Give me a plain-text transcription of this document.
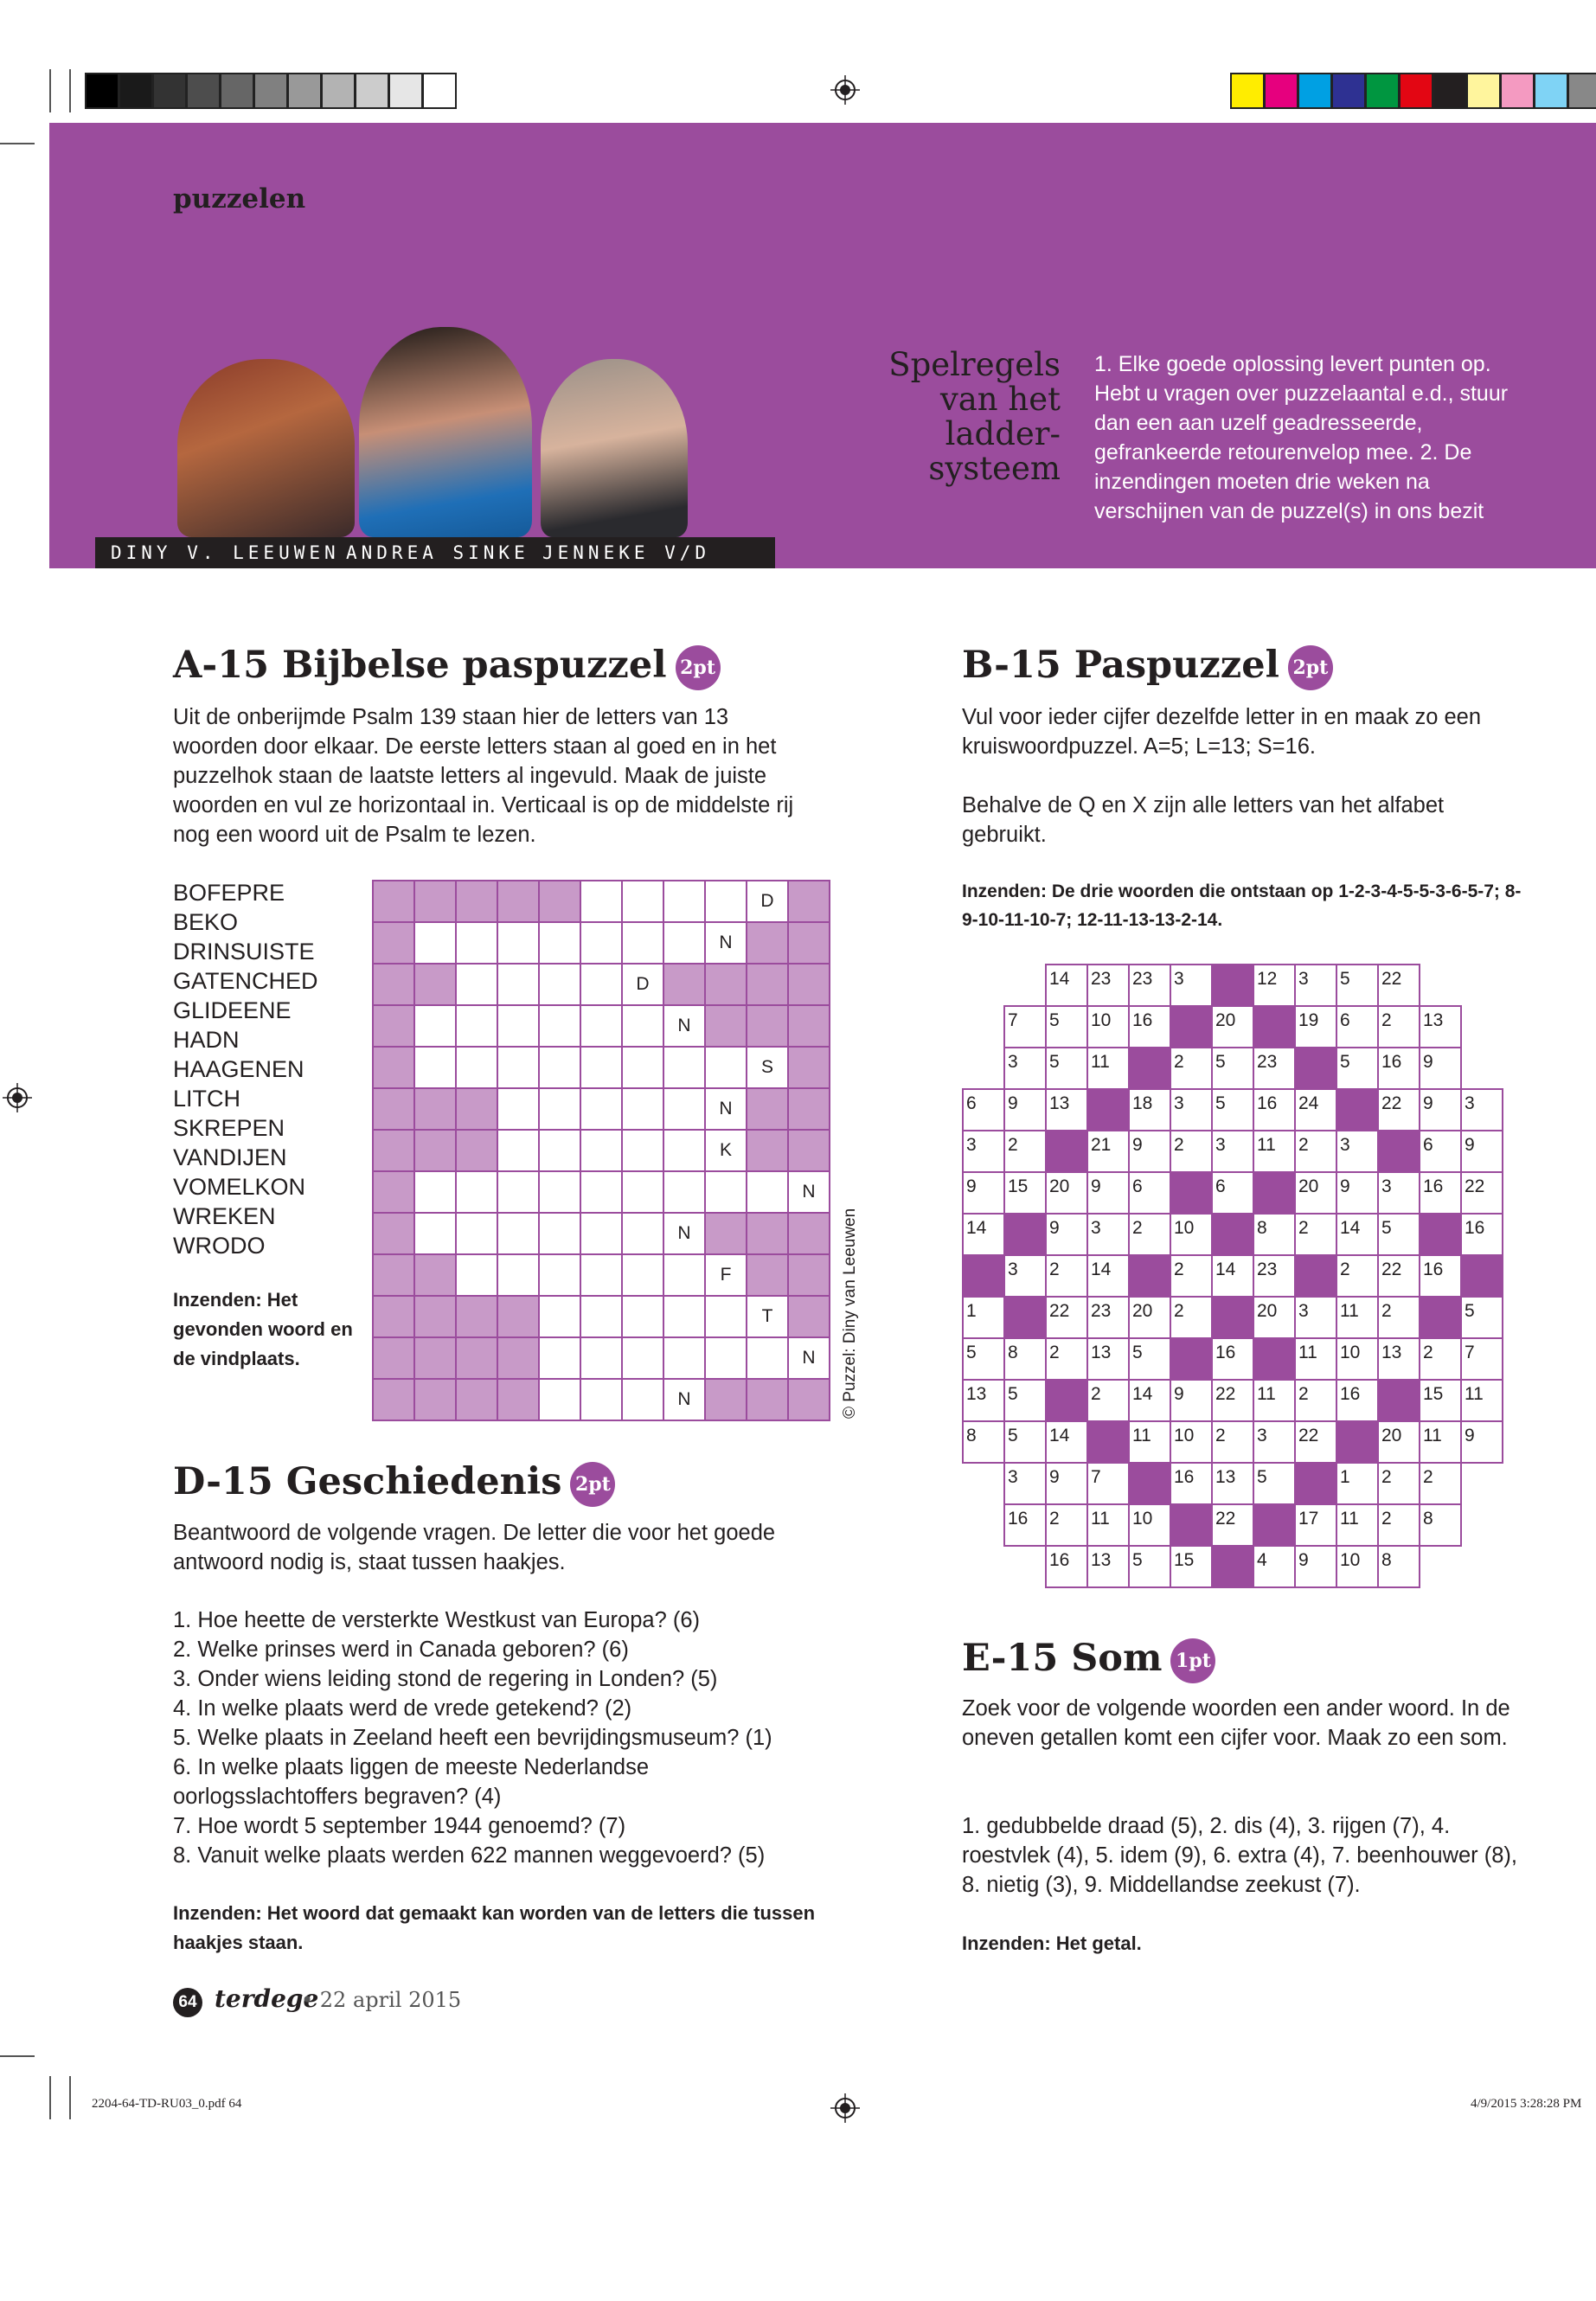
puzzelen
DINY V. LEEUWEN ANDREA SINKE JENNEKE V/D JAGT
Spelregels
van het
ladder-
systeem
1. Elke goede oplossing levert punten op. Hebt u vragen over puzzelaantal e.d., stuur dan een aan uzelf geadresseerde, gefrankeerde retourenvelop mee. 2. De inzendingen moeten drie weken na verschijnen van de puzzel(s) in ons bezit
A-15 Bijbelse paspuzzel 2pt
Uit de onberijmde Psalm 139 staan hier de letters van 13 woorden door elkaar. De eerste letters staan al goed en in het puzzelhok staan de laatste letters al ingevuld. Maak de juiste woorden en vul ze horizontaal in. Verticaal is op de middelste rij nog een woord uit de Psalm te lezen.
BOFEPRE
BEKO
DRINSUISTE
GATENCHED
GLIDEENE
HADN
HAAGENEN
LITCH
SKREPEN
VANDIJEN
VOMELKON
WREKEN
WRODO
Inzenden: Het gevonden woord en de vindplaats.
									D	
								N		
						D				
							N			
									S	
								N		
								K		
										N
							N			
								F		
									T	
										N
							N				© Puzzel: Diny van Leeuwen
B-15 Paspuzzel 2pt
Vul voor ieder cijfer dezelfde letter in en maak zo een kruiswoordpuzzel. A=5; L=13; S=16.
Behalve de Q en X zijn alle letters van het alfabet gebruikt.
Inzenden: De drie woorden die ontstaan op 1-2-3-4-5-5-3-6-5-7; 8-9-10-11-10-7; 12-11-13-13-2-14.
		14	23	23	3		12	3	5	22		
	7	5	10	16		20		19	6	2	13	
	3	5	11		2	5	23		5	16	9	
6	9	13		18	3	5	16	24		22	9	3
3	2		21	9	2	3	11	2	3		6	9
9	15	20	9	6		6		20	9	3	16	22
14		9	3	2	10		8	2	14	5		16
	3	2	14		2	14	23		2	22	16	
1		22	23	20	2		20	3	11	2		5
5	8	2	13	5		16		11	10	13	2	7
13	5		2	14	9	22	11	2	16		15	11
8	5	14		11	10	2	3	22		20	11	9
	3	9	7		16	13	5		1	2	2	
	16	2	11	10		22		17	11	2	8	
		16	13	5	15		4	9	10	8		
D-15 Geschiedenis 2pt
Beantwoord de volgende vragen. De letter die voor het goede antwoord nodig is, staat tussen haakjes.
1. Hoe heette de versterkte Westkust van Europa? (6)
2. Welke prinses werd in Canada geboren? (6)
3. Onder wiens leiding stond de regering in Londen? (5)
4. In welke plaats werd de vrede getekend? (2)
5. Welke plaats in Zeeland heeft een bevrijdingsmuseum? (1)
6. In welke plaats liggen de meeste Nederlandse oorlogsslachtoffers begraven? (4)
7. Hoe wordt 5 september 1944 genoemd? (7)
8. Vanuit welke plaats werden 622 mannen weggevoerd? (5)
Inzenden: Het woord dat gemaakt kan worden van de letters die tussen haakjes staan.
E-15 Som 1pt
Zoek voor de volgende woorden een ander woord. In de oneven getallen komt een cijfer voor. Maak zo een som.
1. gedubbelde draad (5), 2. dis (4), 3. rijgen (7), 4. roestvlek (4), 5. idem (9), 6. extra (4), 7. beenhouwer (8), 8. nietig (3), 9. Middellandse zeekust (7).
Inzenden: Het getal.
64 terdege
• 22 april 2015
2204-64-TD-RU03_0.pdf 64	4/9/2015 3:28:28 PM
